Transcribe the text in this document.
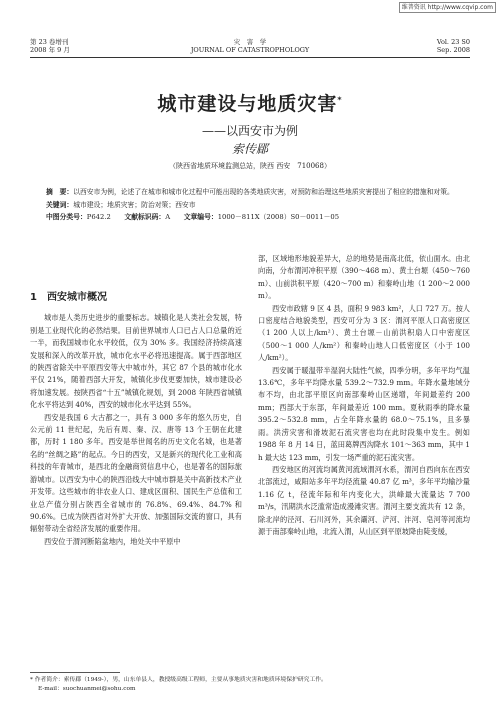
维普资讯 http://www.cqvip.com
第 23 卷增刊
2008 年 9 月
灾　害　学
JOURNAL OF CATASTROPHOLOGY
Vol. 23 S0
Sep. 2008
城市建设与地质灾害*
——以西安市为例
索传郿
（陕西省地质环境监测总站，陕西 西安　710068）
摘　要：以西安市为例，论述了在城市和城市化过程中可能出现的各类地质灾害，对预防和治理这些地质灾害提出了相应的措施和对策。
关键词：城市建设；地质灾害；防治对策；西安市
中图分类号：P642.2   文献标识码：A   文章编号：1000－811X（2008）S0－0011－05
1　西安城市概况

城市是人类历史进步的重要标志。城镇化是人类社会发展，特别是工业现代化的必然结果。目前世界城市人口已占人口总量的近一半，而我国城市化水平较低，仅为 30% 多。我国经济持续高速发展和深入的改革开放，城市化水平必将迅速提高。属于西部地区的陕西省除关中平原西安等大中城市外，其它 87 个县的城市化水平仅 21%，随着西部大开发，城镇化步伐更要加快，城市建设必将加速发展。按陕西省“十五”城镇化规划，到 2008 年陕西省城镇化水平将达到 40%，西安的城市化水平达到 55%。

西安是我国 6 大古都之一，具有 3 000 多年的悠久历史，自公元前 11 世纪起，先后有周、秦、汉、唐等 13 个王朝在此建都，历时 1 180 多年。西安是举世闻名的历史文化名城，也是著名的“丝绸之路”的起点。今日的西安，又是新兴的现代化工业和高科技的年青城市，是西北的金融商贸信息中心，也是著名的国际旅游城市。以西安为中心的陕西沿线大中城市群是关中高新技术产业开发带。这些城市的非农业人口、建成区面积、国民生产总值和工业总产值分别占陕西全省城市的 76.8%、69.4%、84.7% 和 90.6%。已成为陕西省对外扩大开放、加强国际交流的窗口，具有辐射带动全省经济发展的重要作用。

西安位于渭河断陷盆地内，地处关中平原中

部，区域地形地貌差异大，总的地势是南高北低，依山面水。由北向南，分布渭河冲积平原（390～468 m）、黄土台塬（450～760 m）、山前洪积平原（420～700 m）和秦岭山地（1 200～2 000 m）。

西安市政辖 9 区 4 县，面积 9 983 km²，人口 727 万。按人口密度结合地貌类型，西安可分为 3 区：渭河平原人口高密度区（1 200 人以上/km²）、黄土台塬－山前洪积扇人口中密度区（500～1 000 人/km²）和秦岭山地人口低密度区（小于 100 人/km²）。

西安属于暖温带半湿润大陆性气候，四季分明，多年平均气温 13.6℃，多年平均降水量 539.2～732.9 mm。年降水量地域分布不均，由北部平原区向南部秦岭山区递增，年间最差约 200 mm；西部大于东部，年间最差近 100 mm。夏秋雨季的降水量 395.2～532.8 mm，占全年降水量的 68.0～75.1%，且多暴雨。洪涝灾害和滑坡泥石流灾害也均在此时段集中发生。例如 1988 年 8 月 14 日，蓝田葛牌西沟降水 101～363 mm，其中 1 h 最大达 123 mm，引发一场严重的泥石流灾害。

西安地区的河流均属黄河流域渭河水系，渭河自西向东在西安北部流过，咸阳站多年平均径流量 40.87 亿 m³，多年平均输沙量 1.16 亿 t，径流年际和年内变化大，洪峰最大流量达 7 700 m³/s，汛期洪水泛滥常造成漫滩灾害。渭河主要支流共有 12 条，除北岸的泾河、石川河外，其余灞河、浐河、沣河、皂河等河流均源于南部秦岭山地，北流入渭，从山区到平原坡降由陡变缓，

* 作者简介：索传郿（1949-），男，山东单县人，教授级高级工程师，主要从事地质灾害和地质环境保护研究工作。
E-mail：suochuanmei@sohu.com
